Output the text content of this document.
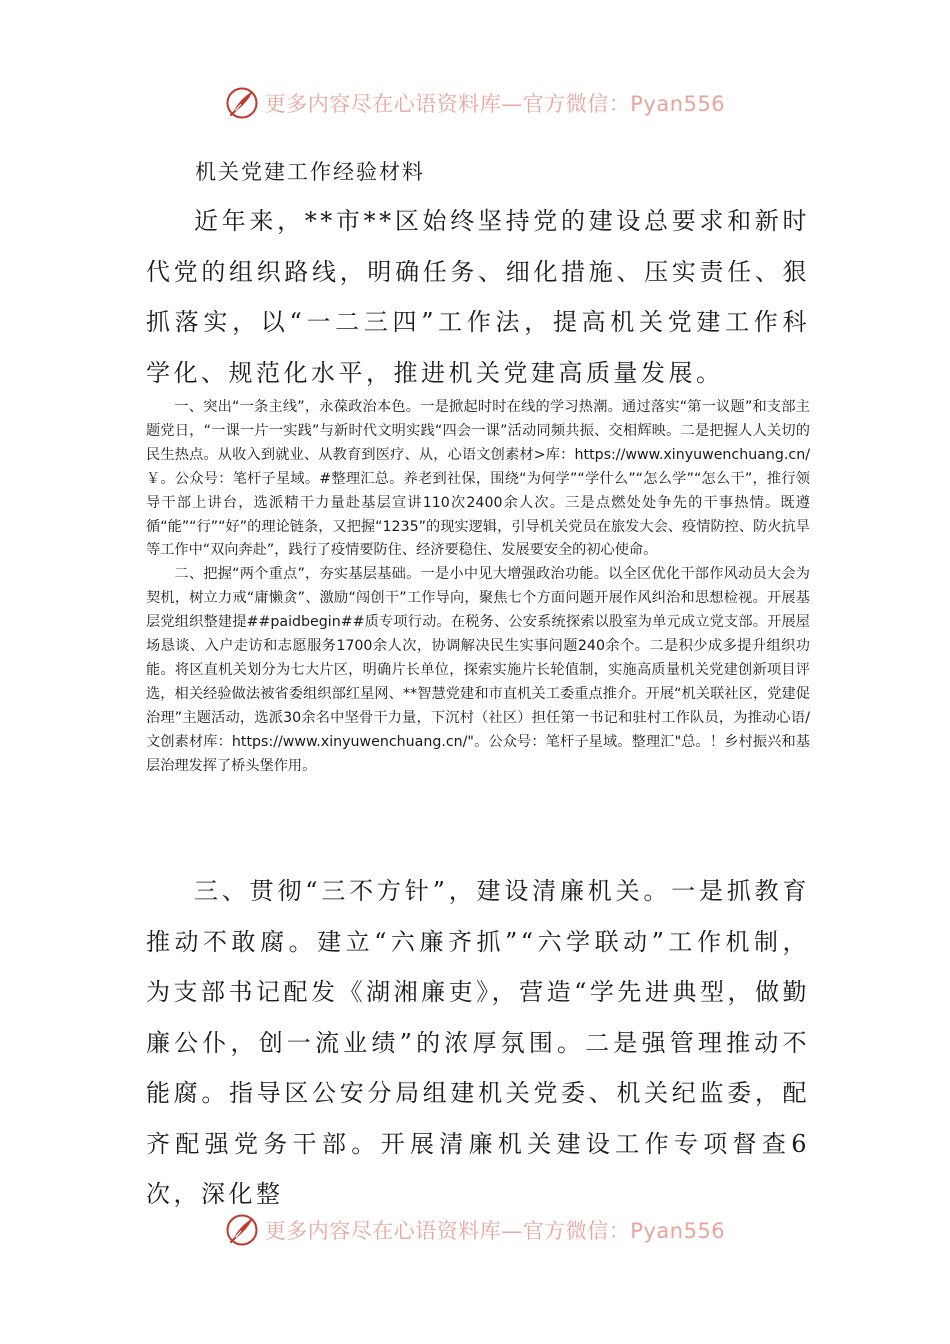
更多内容尽在心语资料库—官方微信：Pyan556
机关党建工作经验材料

近年来，**市**区始终坚持党的建设总要求和新时代党的组织路线，明确任务、细化措施、压实责任、狠抓落实，以“一二三四”工作法，提高机关党建工作科学化、规范化水平，推进机关党建高质量发展。

一、突出“一条主线”，永葆政治本色。一是掀起时时在线的学习热潮。通过落实“第一议题”和支部主题党日，“一课一片一实践”与新时代文明实践“四会一课”活动同频共振、交相辉映。二是把握人人关切的民生热点。从收入到就业、从教育到医疗、从，心语文创素材>库：https://www.xinyuwenchuang.cn/￥。公众号：笔杆子星域。#整理汇总。养老到社保，围绕“为何学”“学什么”“怎么学”“怎么干”，推行领导干部上讲台，选派精干力量赴基层宣讲110次2400余人次。三是点燃处处争先的干事热情。既遵循“能”“行”“好”的理论链条，又把握“1235”的现实逻辑，引导机关党员在旅发大会、疫情防控、防火抗旱等工作中“双向奔赴”，践行了疫情要防住、经济要稳住、发展要安全的初心使命。

二、把握“两个重点”，夯实基层基础。一是小中见大增强政治功能。以全区优化干部作风动员大会为契机，树立力戒“庸懒贪”、激励“闯创干”工作导向，聚焦七个方面问题开展作风纠治和思想检视。开展基层党组织整建提##paidbegin##质专项行动。在税务、公安系统探索以股室为单元成立党支部。开展屋场恳谈、入户走访和志愿服务1700余人次，协调解决民生实事问题240余个。二是积少成多提升组织功能。将区直机关划分为七大片区，明确片长单位，探索实施片长轮值制，实施高质量机关党建创新项目评选，相关经验做法被省委组织部红星网、**智慧党建和市直机关工委重点推介。开展“机关联社区，党建促治理”主题活动，选派30余名中坚骨干力量，下沉村（社区）担任第一书记和驻村工作队员，为推动心语/文创素材库：https://www.xinyuwenchuang.cn/"。公众号：笔杆子星域。整理汇"总。！乡村振兴和基层治理发挥了桥头堡作用。

三、贯彻“三不方针”，建设清廉机关。一是抓教育推动不敢腐。建立“六廉齐抓”“六学联动”工作机制，为支部书记配发《湖湘廉吏》，营造“学先进典型，做勤廉公仆，创一流业绩”的浓厚氛围。二是强管理推动不能腐。指导区公安分局组建机关党委、机关纪监委，配齐配强党务干部。开展清廉机关建设工作专项督查6次，深化整

更多内容尽在心语资料库—官方微信：Pyan556
